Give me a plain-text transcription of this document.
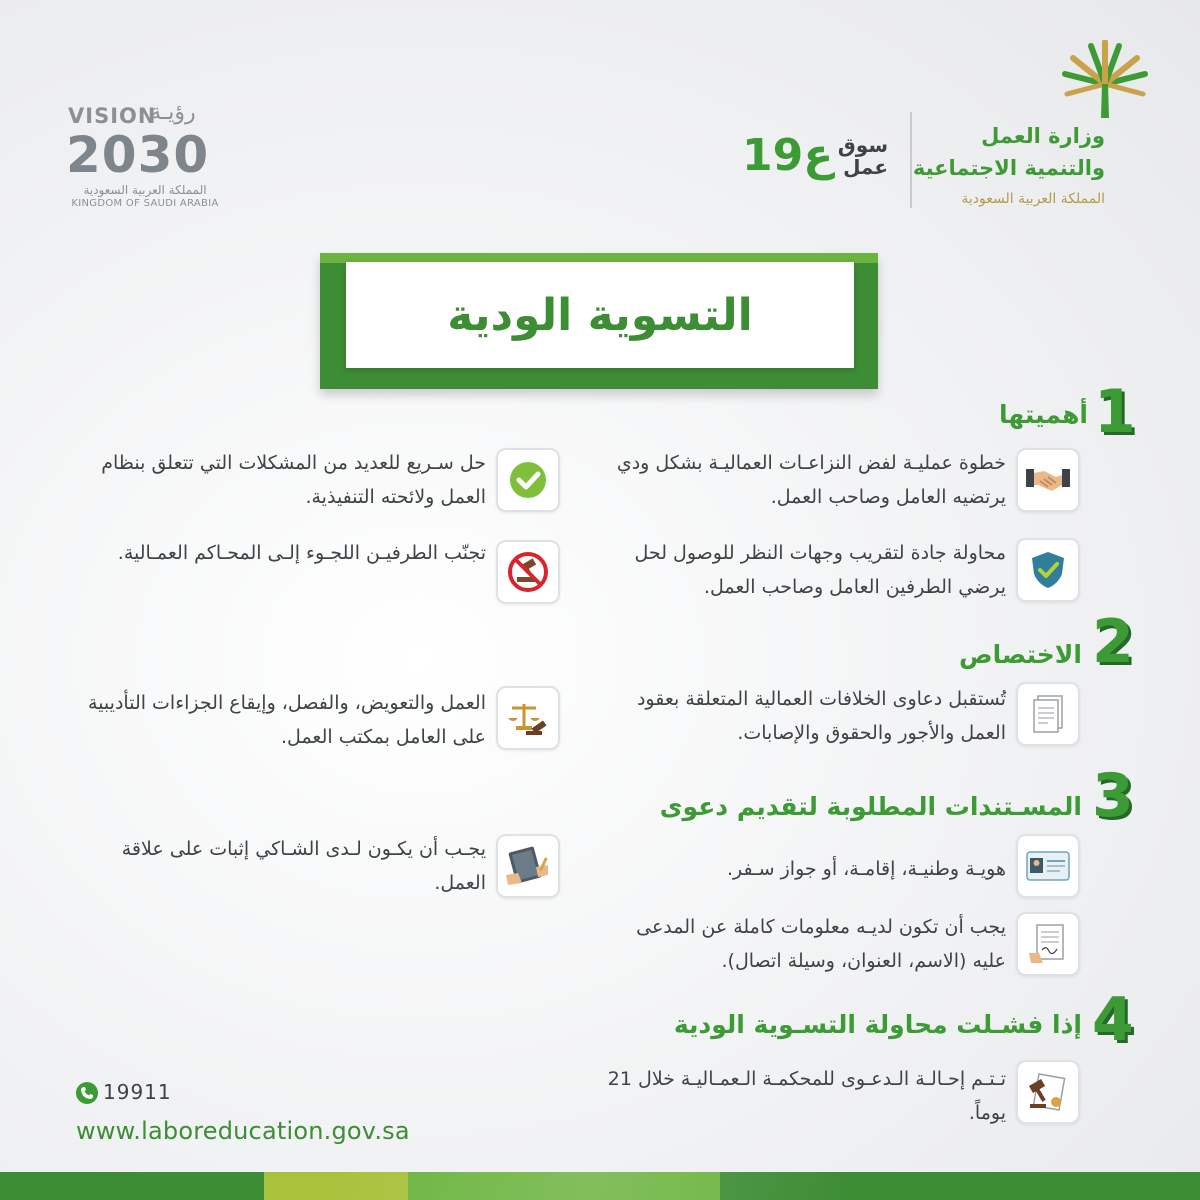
VISION
رؤيـة
2030
المملكة العربية السعودية
KINGDOM OF SAUDI ARABIA
ع19 سوق عمل
وزارة العمل
والتنمية الاجتماعية
المملكة العربية السعودية
التسوية الودية
1
أهميتها
خطوة عمليـة لفض النزاعـات العماليـة بشكل ودي يرتضيه العامل وصاحب العمل.
حل سـريع للعديد من المشكلات التي تتعلق بنظام العمل ولائحته التنفيذية.
محاولة جادة لتقريب وجهات النظر للوصول لحل يرضي الطرفين العامل وصاحب العمل.
تجنّب الطرفيـن اللجـوء إلـى المحـاكم العمـالية.
2
الاختصاص
تُستقبل دعاوى الخلافات العمالية المتعلقة بعقود العمل والأجور والحقوق والإصابات.
العمل والتعويض، والفصل، وإيقاع الجزاءات التأديبية على العامل بمكتب العمل.
3
المسـتندات المطلوبة لتقديم دعوى
هويـة وطنيـة، إقامـة، أو جواز سـفر.
يجب أن تكون لديـه معلومات كاملة عن المدعى عليه (الاسم، العنوان، وسيلة اتصال).
يجـب أن يكـون لـدى الشـاكي إثبات على علاقة العمل.
4
إذا فشـلت محاولة التسـوية الودية
تـتـم إحـالـة الـدعـوى للمحكمـة الـعمـاليـة خلال 21 يوماً.
19911
www.laboreducation.gov.sa
